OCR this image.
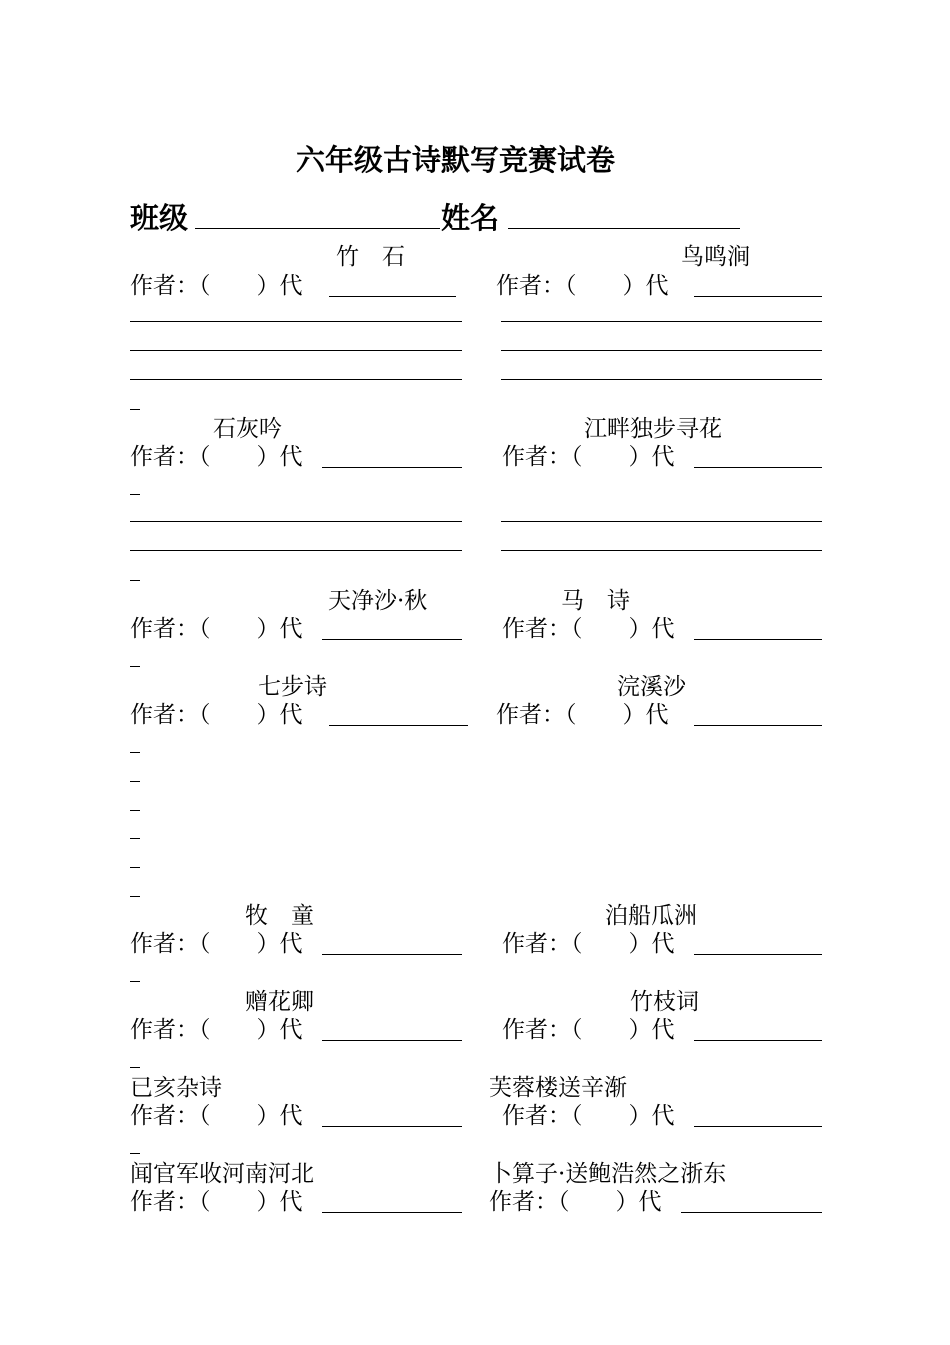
六年级古诗默写竞赛试卷
班级	姓名
竹　石	鸟鸣涧
作者：（　　）代	作者：（　　）代
石灰吟	江畔独步寻花
作者：（　　）代	作者：（　　）代
天净沙·秋	马　诗
作者：（　　）代	作者：（　　）代
七步诗	浣溪沙
作者：（　　）代	作者：（　　）代
牧　童	泊船瓜洲
作者：（　　）代	作者：（　　）代
赠花卿	竹枝词
作者：（　　）代	作者：（　　）代
已亥杂诗	芙蓉楼送辛渐
作者：（　　）代	作者：（　　）代
闻官军收河南河北	卜算子·送鲍浩然之浙东
作者：（　　）代	作者：（　　）代
